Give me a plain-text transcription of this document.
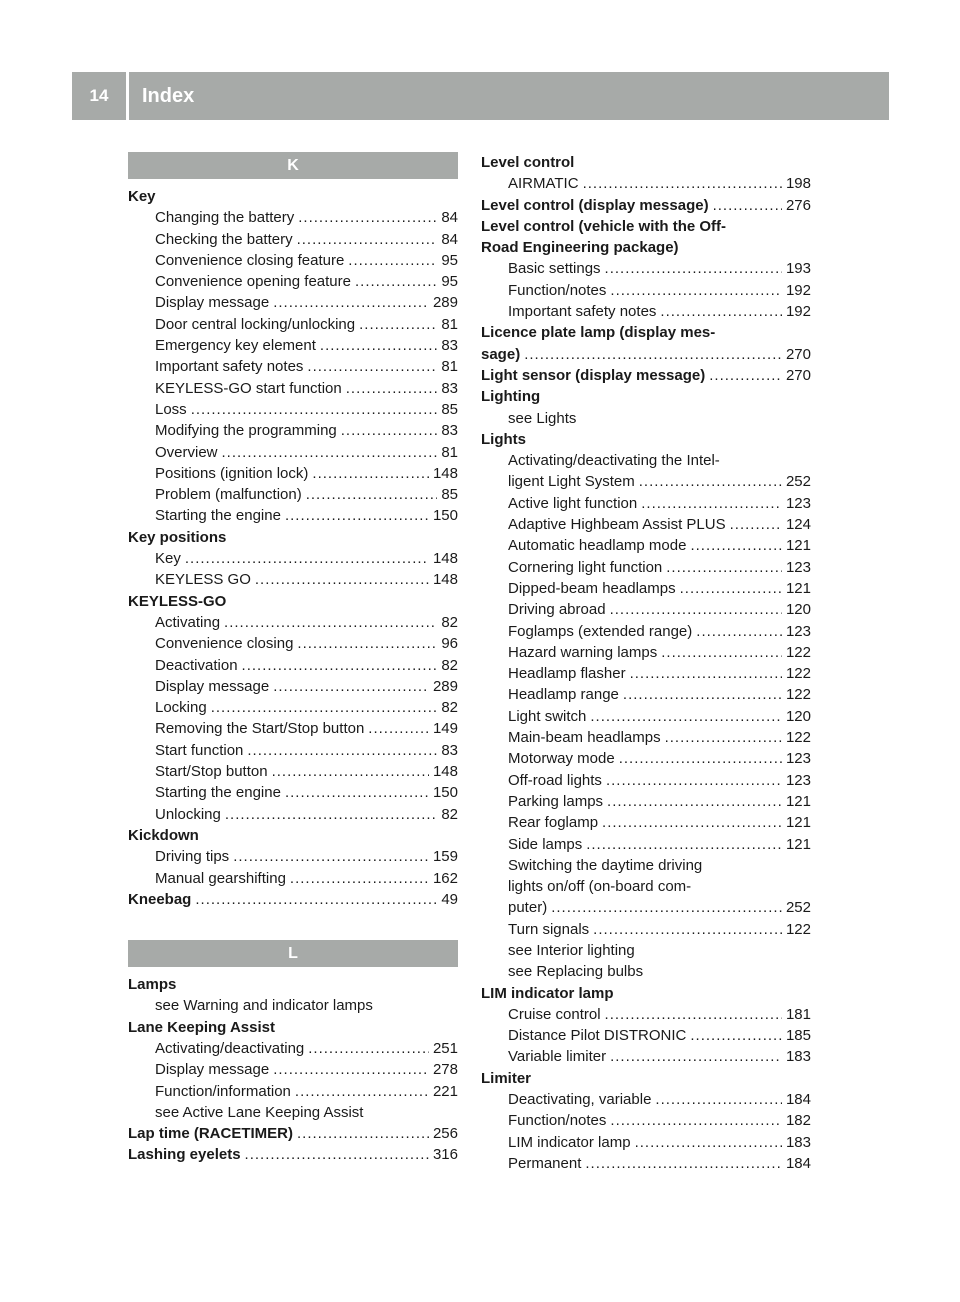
14	Index
K
Key
Changing the battery .....	84
Checking the battery .....	84
Convenience closing feature .....	95
Convenience opening feature .....	95
Display message .....	289
Door central locking/unlocking .....	81
Emergency key element .....	83
Important safety notes .....	81
KEYLESS-GO start function .....	83
Loss .....	85
Modifying the programming .....	83
Overview .....	81
Positions (ignition lock) .....	148
Problem (malfunction) .....	85
Starting the engine .....	150
Key positions
Key .....	148
KEYLESS GO .....	148
KEYLESS-GO
Activating .....	82
Convenience closing .....	96
Deactivation .....	82
Display message .....	289
Locking .....	82
Removing the Start/Stop button .....	149
Start function .....	83
Start/Stop button .....	148
Starting the engine .....	150
Unlocking .....	82
Kickdown
Driving tips .....	159
Manual gearshifting .....	162
Kneebag .....	49
L
Lamps
see Warning and indicator lamps
Lane Keeping Assist
Activating/deactivating .....	251
Display message .....	278
Function/information .....	221
see Active Lane Keeping Assist
Lap time (RACETIMER) .....	256
Lashing eyelets .....	316
Level control
AIRMATIC .....	198
Level control (display message) .....	276
Level control (vehicle with the Off-
Road Engineering package)
Basic settings .....	193
Function/notes .....	192
Important safety notes .....	192
Licence plate lamp (display mes-
sage) .....	270
Light sensor (display message) .....	270
Lighting
see Lights
Lights
Activating/deactivating the Intel-
ligent Light System .....	252
Active light function .....	123
Adaptive Highbeam Assist PLUS .....	124
Automatic headlamp mode .....	121
Cornering light function .....	123
Dipped-beam headlamps .....	121
Driving abroad .....	120
Foglamps (extended range) .....	123
Hazard warning lamps .....	122
Headlamp flasher .....	122
Headlamp range .....	122
Light switch .....	120
Main-beam headlamps .....	122
Motorway mode .....	123
Off-road lights .....	123
Parking lamps .....	121
Rear foglamp .....	121
Side lamps .....	121
Switching the daytime driving
lights on/off (on-board com-
puter) .....	252
Turn signals .....	122
see Interior lighting
see Replacing bulbs
LIM indicator lamp
Cruise control .....	181
Distance Pilot DISTRONIC .....	185
Variable limiter .....	183
Limiter
Deactivating, variable .....	184
Function/notes .....	182
LIM indicator lamp .....	183
Permanent .....	184
